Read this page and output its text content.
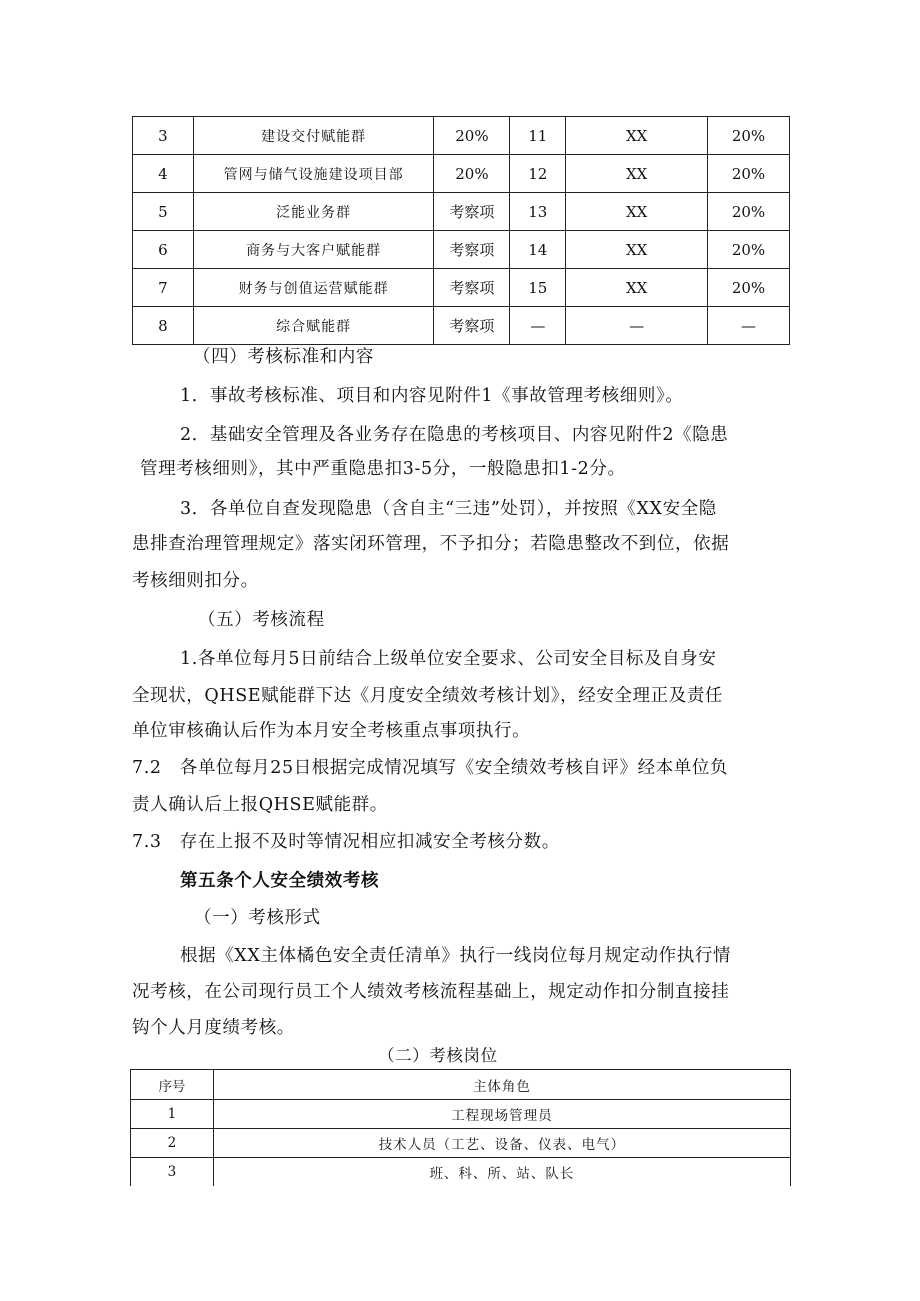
3	建设交付赋能群	20%	11	XX	20%
4	管网与储气设施建设项目部	20%	12	XX	20%
5	泛能业务群	考察项	13	XX	20%
6	商务与大客户赋能群	考察项	14	XX	20%
7	财务与创值运营赋能群	考察项	15	XX	20%
8	综合赋能群	考察项	—	—	—
（四）考核标准和内容
1．事故考核标准、项目和内容见附件1《事故管理考核细则》。
2．基础安全管理及各业务存在隐患的考核项目、内容见附件2《隐患
管理考核细则》，其中严重隐患扣3-5分，一般隐患扣1-2分。
3．各单位自查发现隐患（含自主“三违”处罚），并按照《XX安全隐
患排查治理管理规定》落实闭环管理，不予扣分；若隐患整改不到位，依据
考核细则扣分。
（五）考核流程
1.各单位每月5日前结合上级单位安全要求、公司安全目标及自身安
全现状，QHSE赋能群下达《月度安全绩效考核计划》，经安全理正及责任
单位审核确认后作为本月安全考核重点事项执行。
7.2　各单位每月25日根据完成情况填写《安全绩效考核自评》经本单位负
责人确认后上报QHSE赋能群。
7.3　存在上报不及时等情况相应扣减安全考核分数。
第五条个人安全绩效考核
（一）考核形式
根据《XX主体橘色安全责任清单》执行一线岗位每月规定动作执行情
况考核，在公司现行员工个人绩效考核流程基础上，规定动作扣分制直接挂
钩个人月度绩考核。
（二）考核岗位
序号	主体角色
1	工程现场管理员
2	技术人员（工艺、设备、仪表、电气）
3	班、科、所、站、队长
